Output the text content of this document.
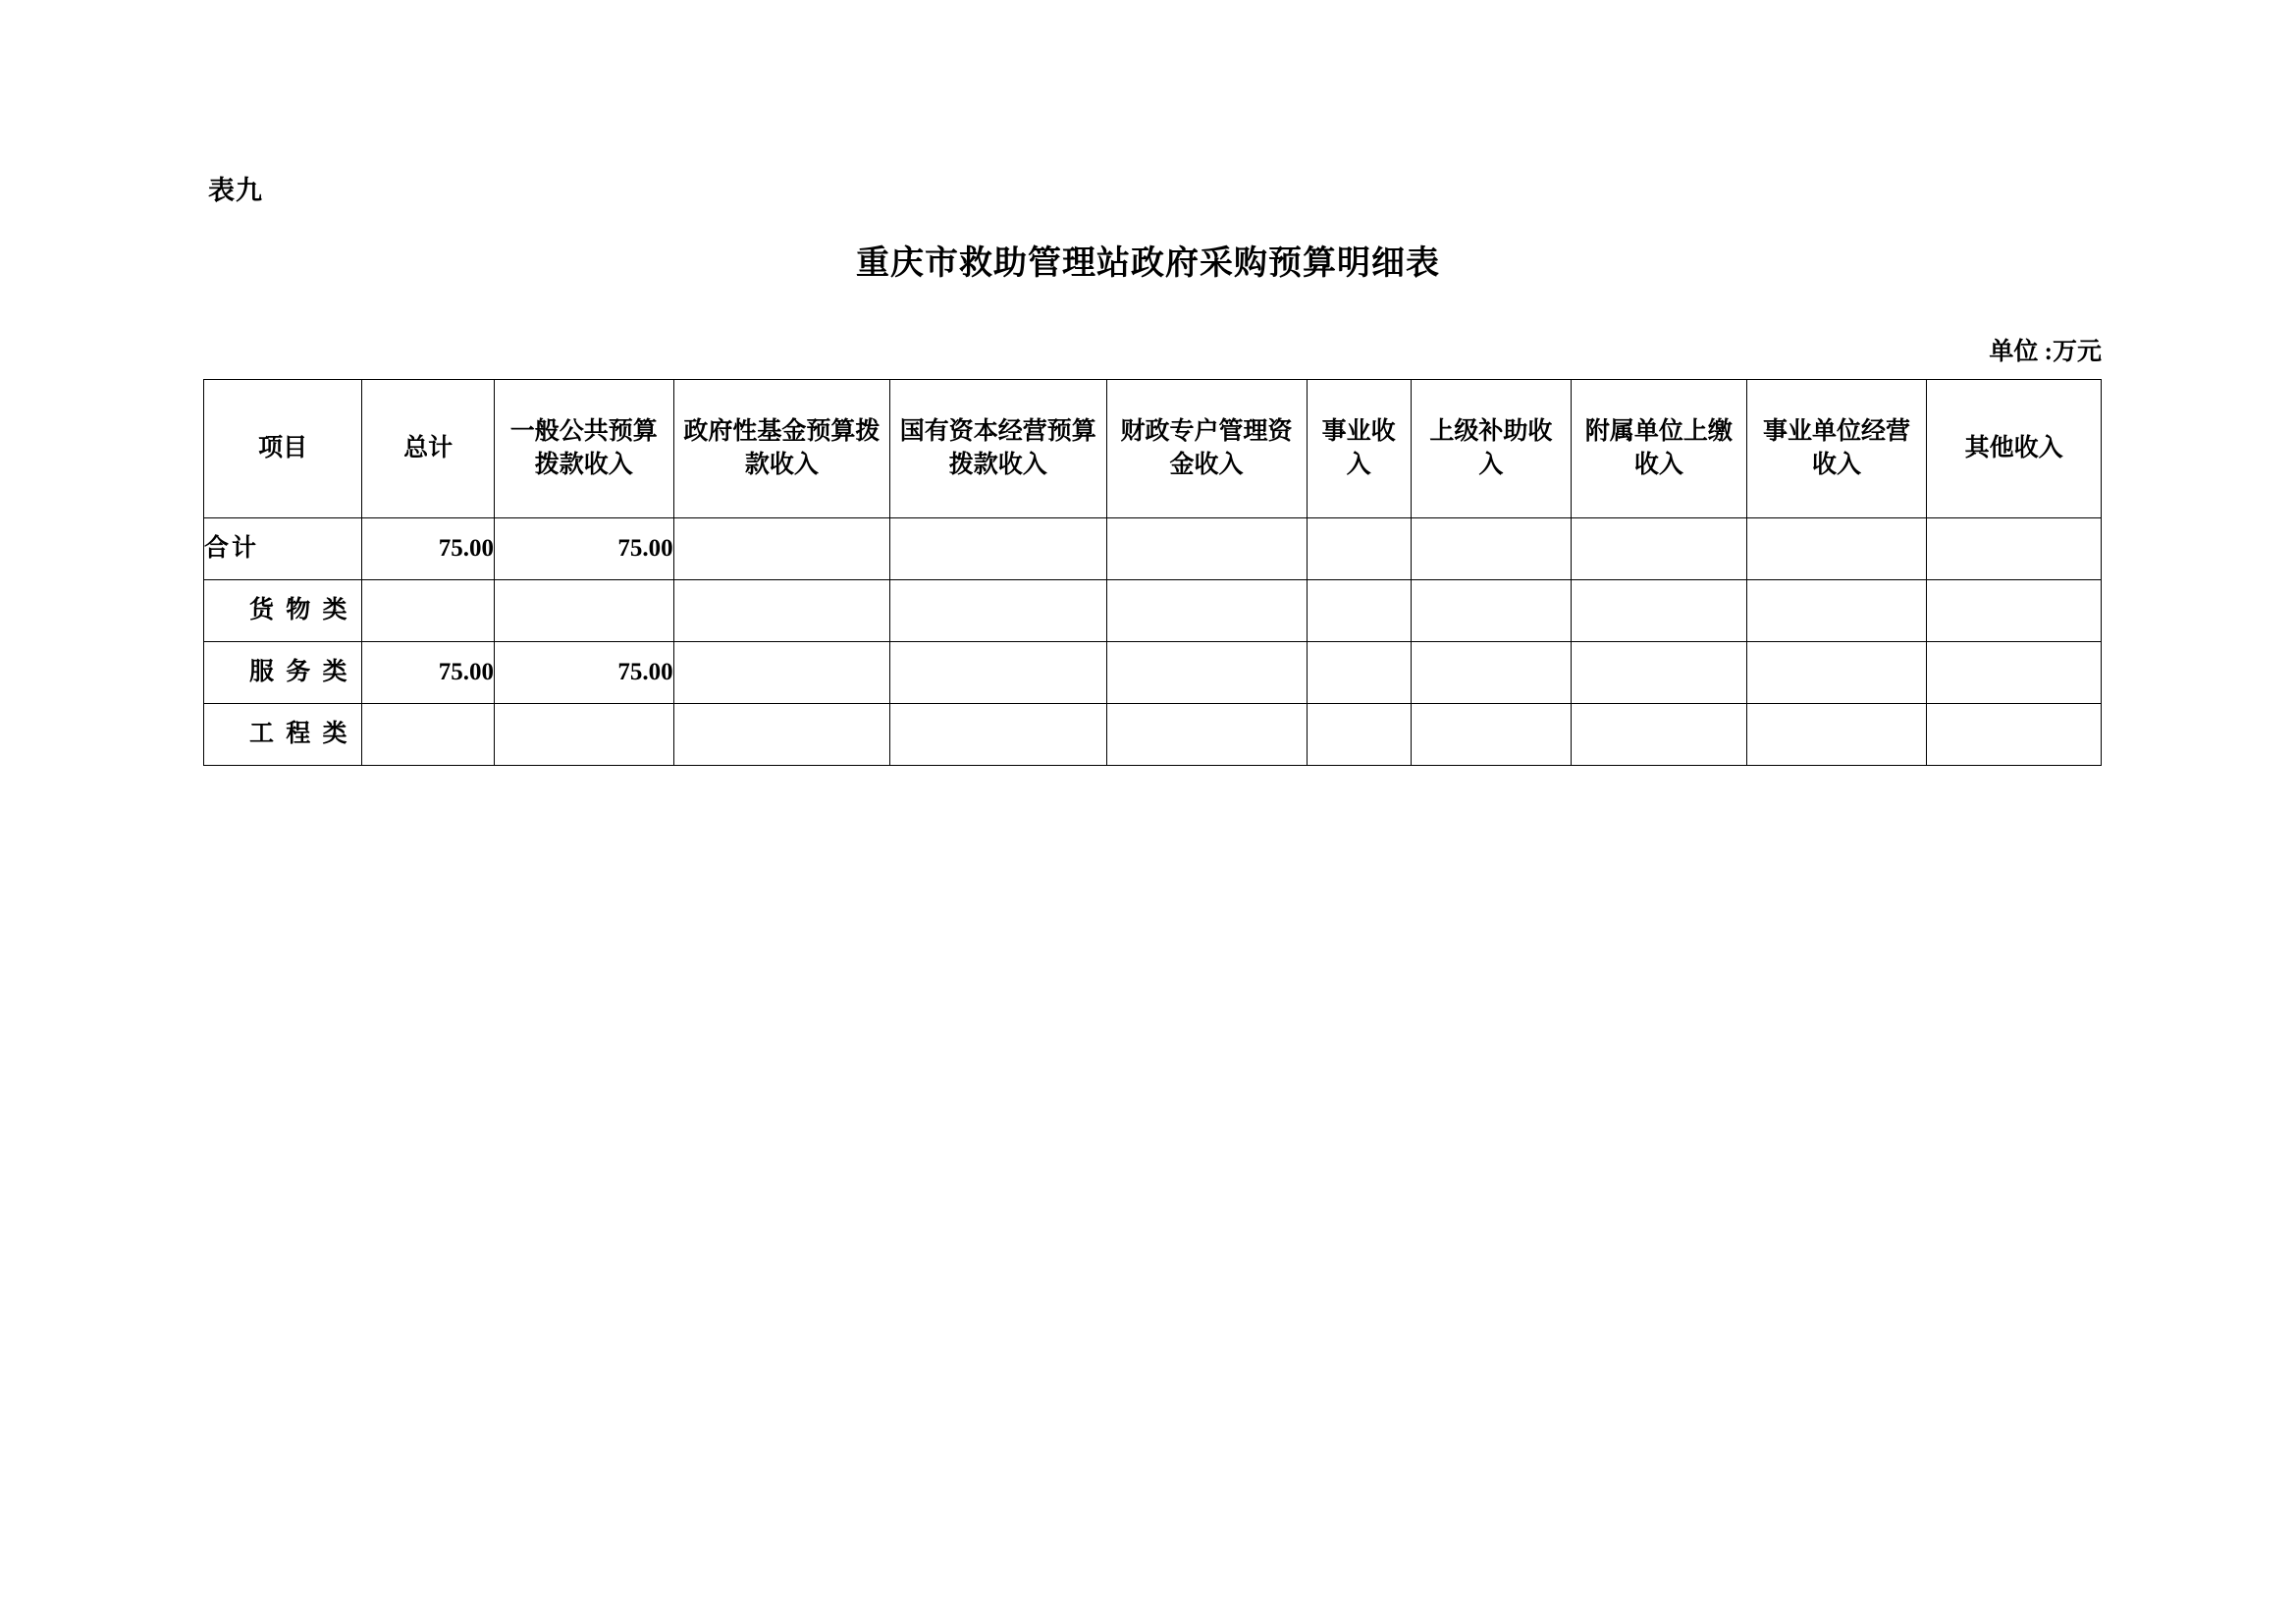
表九
重庆市救助管理站政府采购预算明细表
单位 :万元
项目	总计	一般公共预算拨款收入	政府性基金预算拨款收入	国有资本经营预算拨款收入	财政专户管理资金收入	事业收入	上级补助收入	附属单位上缴收入	事业单位经营收入	其他收入
合计	75.00	75.00								
货 物 类										
服 务 类	75.00	75.00								
工 程 类										
